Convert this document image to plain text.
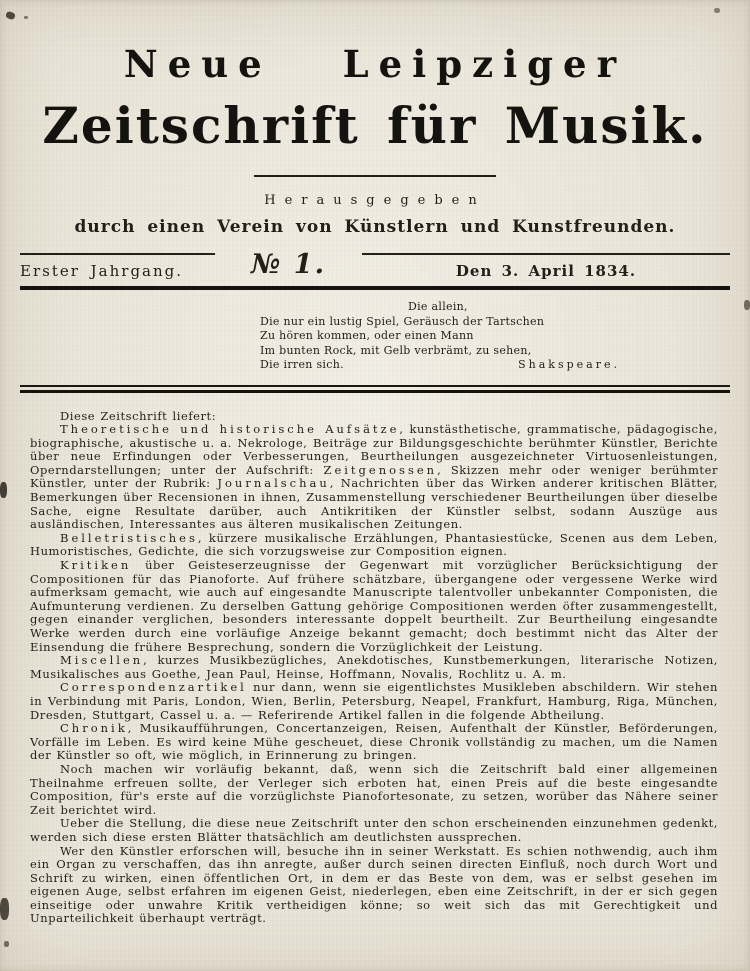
Neue Leipziger
Zeitschrift für Musik.
Herausgegeben
durch einen Verein von Künstlern und Kunstfreunden.
Erster Jahrgang.	№ 1.	Den 3. April 1834.
Die allein,
Die nur ein lustig Spiel, Geräusch der Tartschen
Zu hören kommen, oder einen Mann
Im bunten Rock, mit Gelb verbrämt, zu sehen,
Die irren sich.	Shakspeare.

Diese Zeitschrift liefert:

Theoretische und historische Aufsätze, kunstästhetische, grammatische, pädagogische, biographische, akustische u. a. Nekrologe, Beiträge zur Bildungsgeschichte berühmter Künstler, Berichte über neue Erfindungen oder Verbesserungen, Beurtheilungen ausgezeichneter Virtuosenleistungen, Operndarstellungen; unter der Aufschrift: Zeitgenossen, Skizzen mehr oder weniger berühmter Künstler, unter der Rubrik: Journalschau, Nachrichten über das Wirken anderer kritischen Blätter, Bemerkungen über Recensionen in ihnen, Zusammenstellung verschiedener Beurtheilungen über dieselbe Sache, eigne Resultate darüber, auch Antikritiken der Künstler selbst, sodann Auszüge aus ausländischen, Interessantes aus älteren musikalischen Zeitungen.

Belletristisches, kürzere musikalische Erzählungen, Phantasiestücke, Scenen aus dem Leben, Humoristisches, Gedichte, die sich vorzugsweise zur Composition eignen.

Kritiken über Geisteserzeugnisse der Gegenwart mit vorzüglicher Berücksichtigung der Compositionen für das Pianoforte. Auf frühere schätzbare, übergangene oder vergessene Werke wird aufmerksam gemacht, wie auch auf eingesandte Manuscripte talentvoller unbekannter Componisten, die Aufmunterung verdienen. Zu derselben Gattung gehörige Compositionen werden öfter zusammengestellt, gegen einander verglichen, besonders interessante doppelt beurtheilt. Zur Beurtheilung eingesandte Werke werden durch eine vorläufige Anzeige bekannt gemacht; doch bestimmt nicht das Alter der Einsendung die frühere Besprechung, sondern die Vorzüglichkeit der Leistung.

Miscellen, kurzes Musikbezügliches, Anekdotisches, Kunstbemerkungen, literarische Notizen, Musikalisches aus Goethe, Jean Paul, Heinse, Hoffmann, Novalis, Rochlitz u. A. m.

Correspondenzartikel nur dann, wenn sie eigentlichstes Musikleben abschildern. Wir stehen in Verbindung mit Paris, London, Wien, Berlin, Petersburg, Neapel, Frankfurt, Hamburg, Riga, München, Dresden, Stuttgart, Cassel u. a. — Referirende Artikel fallen in die folgende Abtheilung.

Chronik, Musikaufführungen, Concertanzeigen, Reisen, Aufenthalt der Künstler, Beförderungen, Vorfälle im Leben. Es wird keine Mühe gescheuet, diese Chronik vollständig zu machen, um die Namen der Künstler so oft, wie möglich, in Erinnerung zu bringen.

Noch machen wir vorläufig bekannt, daß, wenn sich die Zeitschrift bald einer allgemeinen Theilnahme erfreuen sollte, der Verleger sich erboten hat, einen Preis auf die beste eingesandte Composition, für's erste auf die vorzüglichste Pianofortesonate, zu setzen, worüber das Nähere seiner Zeit berichtet wird.

Ueber die Stellung, die diese neue Zeitschrift unter den schon erscheinenden einzunehmen gedenkt, werden sich diese ersten Blätter thatsächlich am deutlichsten aussprechen.

Wer den Künstler erforschen will, besuche ihn in seiner Werkstatt. Es schien nothwendig, auch ihm ein Organ zu verschaffen, das ihn anregte, außer durch seinen directen Einfluß, noch durch Wort und Schrift zu wirken, einen öffentlichen Ort, in dem er das Beste von dem, was er selbst gesehen im eigenen Auge, selbst erfahren im eigenen Geist, niederlegen, eben eine Zeitschrift, in der er sich gegen einseitige oder unwahre Kritik vertheidigen könne; so weit sich das mit Gerechtigkeit und Unparteilichkeit überhaupt verträgt.
